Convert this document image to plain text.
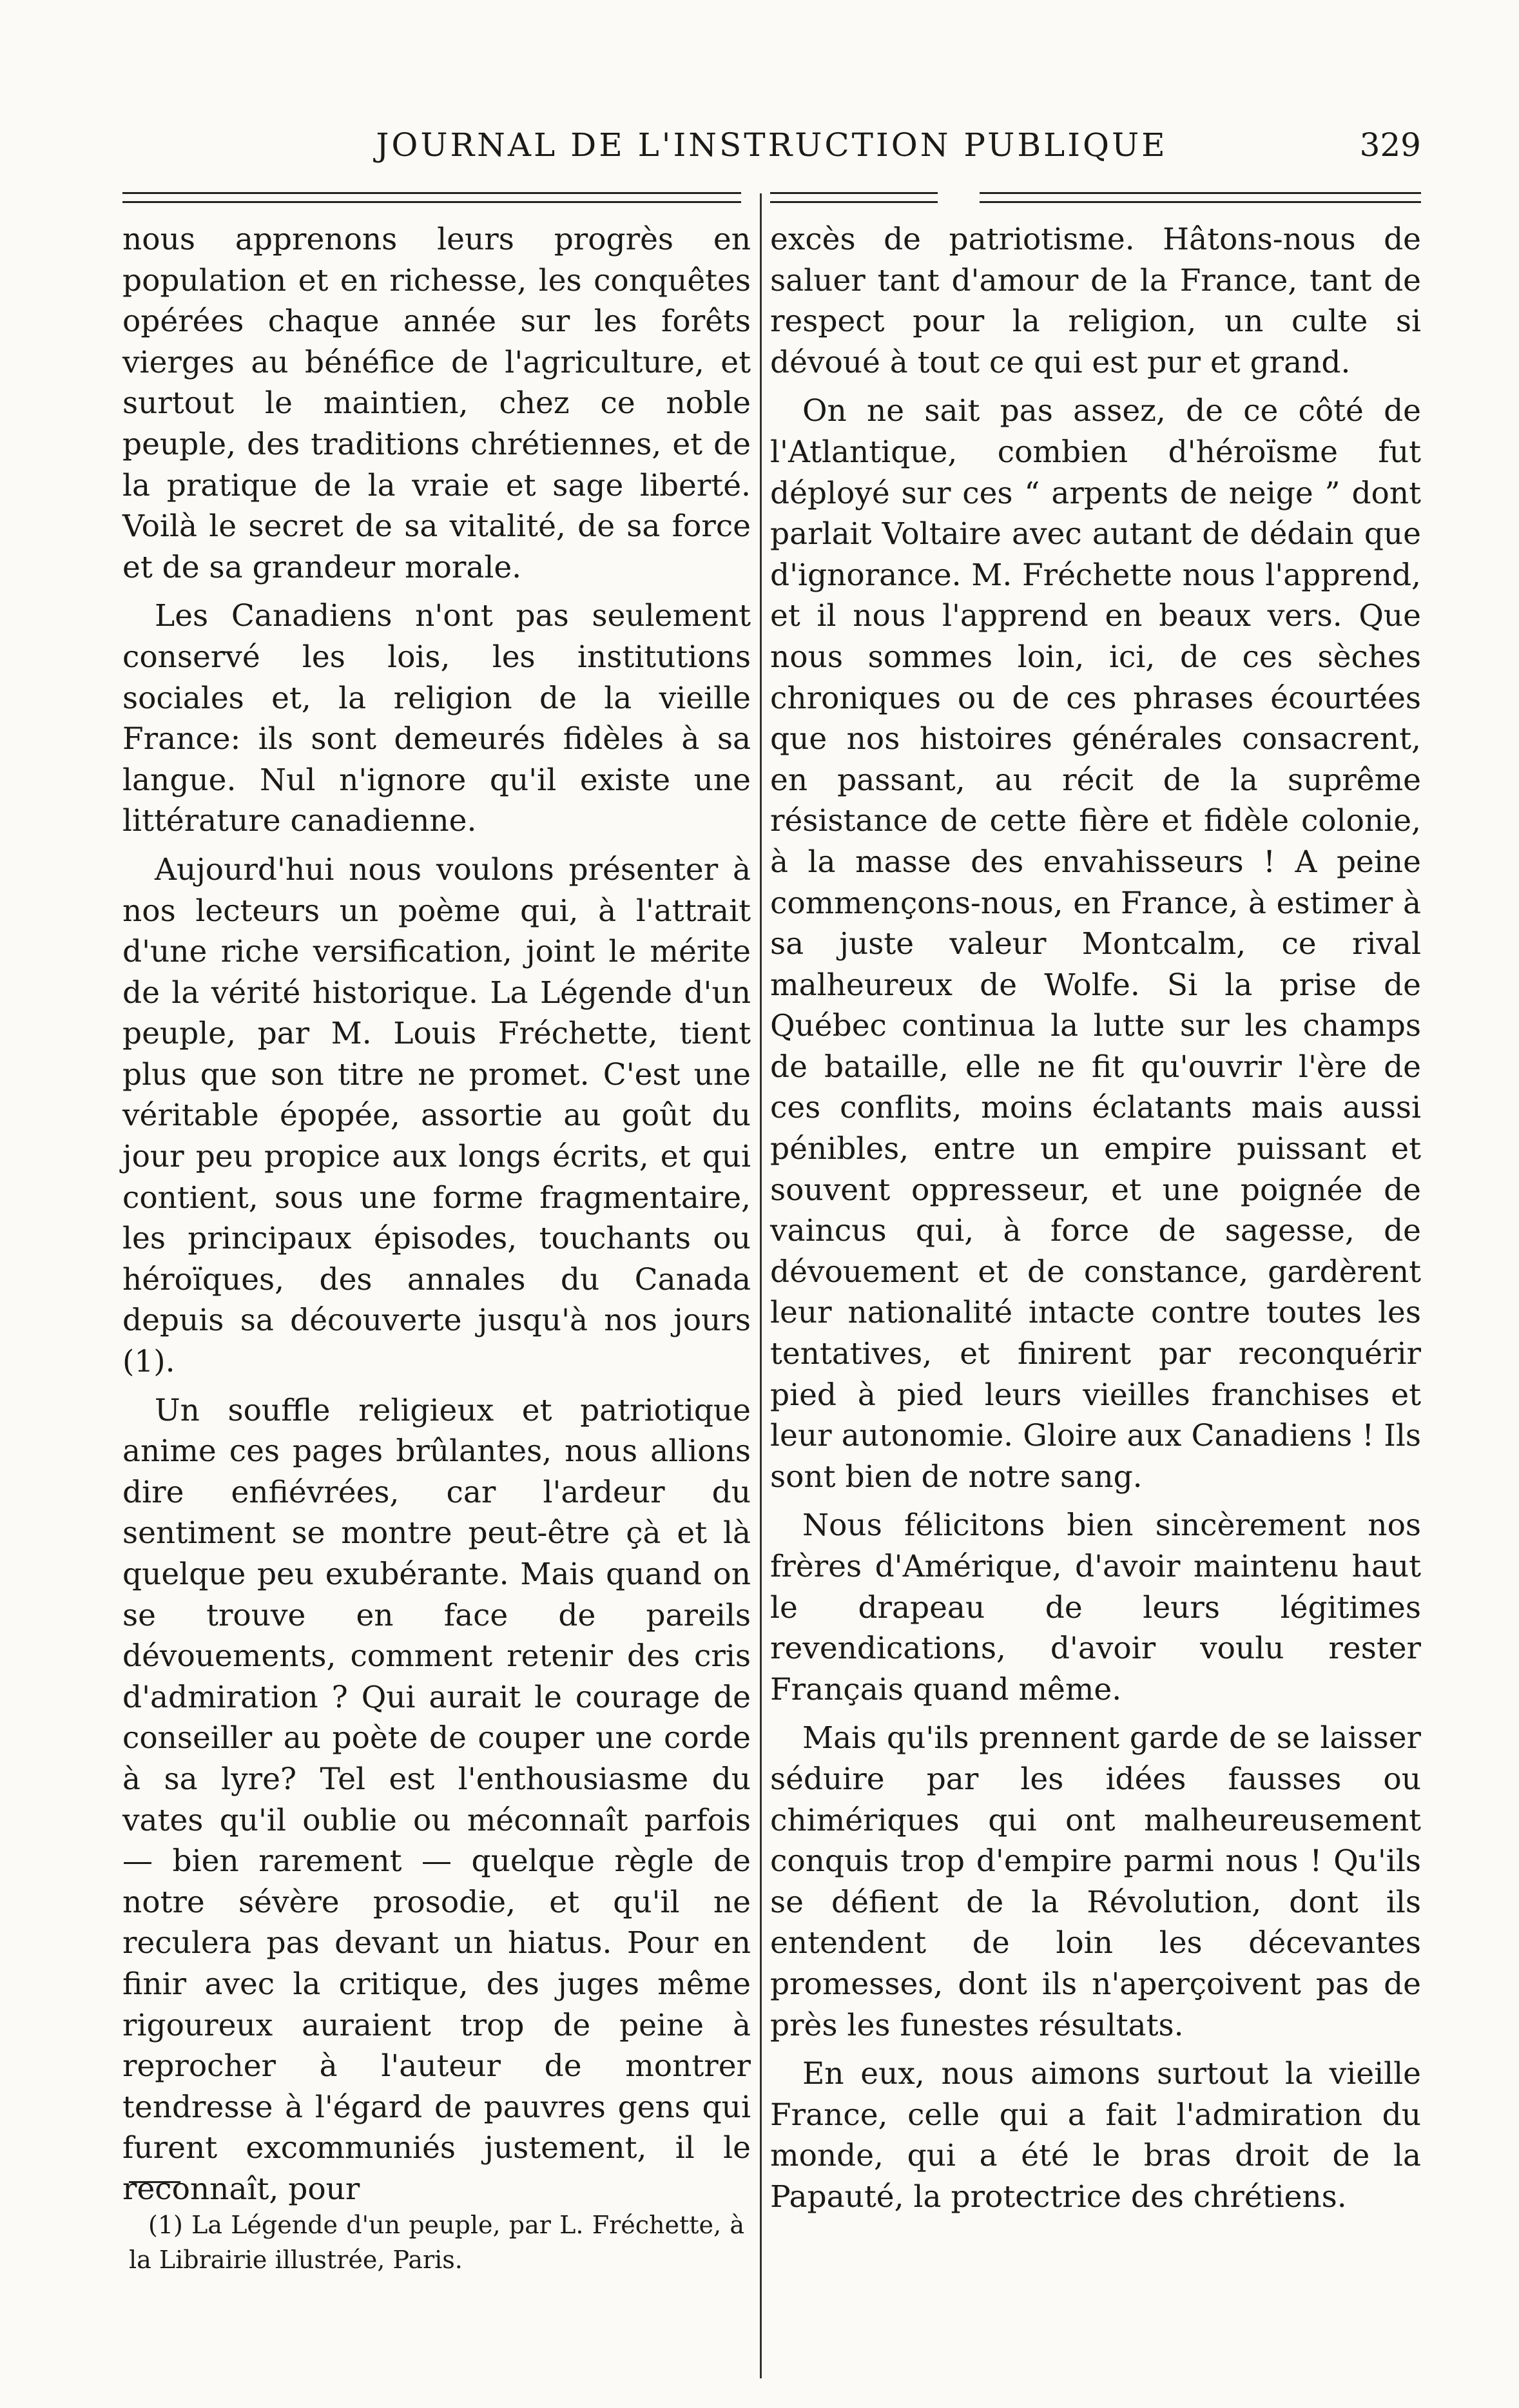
JOURNAL DE L'INSTRUCTION PUBLIQUE	329

nous apprenons leurs progrès en population et en richesse, les conquêtes opérées chaque année sur les forêts vierges au bénéfice de l'agriculture, et surtout le maintien, chez ce noble peuple, des traditions chrétiennes, et de la pratique de la vraie et sage liberté. Voilà le secret de sa vitalité, de sa force et de sa grandeur morale.

Les Canadiens n'ont pas seulement conservé les lois, les institutions sociales et, la religion de la vieille France: ils sont demeurés fidèles à sa langue. Nul n'ignore qu'il existe une littérature canadienne.

Aujourd'hui nous voulons présenter à nos lecteurs un poème qui, à l'attrait d'une riche versification, joint le mérite de la vérité historique. La Légende d'un peuple, par M. Louis Fréchette, tient plus que son titre ne promet. C'est une véritable épopée, assortie au goût du jour peu propice aux longs écrits, et qui contient, sous une forme fragmentaire, les principaux épisodes, touchants ou héroïques, des annales du Canada depuis sa découverte jusqu'à nos jours (1).

Un souffle religieux et patriotique anime ces pages brûlantes, nous allions dire enfiévrées, car l'ardeur du sentiment se montre peut-être çà et là quelque peu exubérante. Mais quand on se trouve en face de pareils dévouements, comment retenir des cris d'admiration ? Qui aurait le courage de conseiller au poète de couper une corde à sa lyre? Tel est l'enthousiasme du vates qu'il oublie ou méconnaît parfois — bien rarement — quelque règle de notre sévère prosodie, et qu'il ne reculera pas devant un hiatus. Pour en finir avec la critique, des juges même rigoureux auraient trop de peine à reprocher à l'auteur de montrer tendresse à l'égard de pauvres gens qui furent excommuniés justement, il le reconnaît, pour

excès de patriotisme. Hâtons-nous de saluer tant d'amour de la France, tant de respect pour la religion, un culte si dévoué à tout ce qui est pur et grand.

On ne sait pas assez, de ce côté de l'Atlantique, combien d'héroïsme fut déployé sur ces “ arpents de neige ” dont parlait Voltaire avec autant de dédain que d'ignorance. M. Fréchette nous l'apprend, et il nous l'apprend en beaux vers. Que nous sommes loin, ici, de ces sèches chroniques ou de ces phrases écourtées que nos histoires générales consacrent, en passant, au récit de la suprême résistance de cette fière et fidèle colonie, à la masse des envahisseurs ! A peine commençons-nous, en France, à estimer à sa juste valeur Montcalm, ce rival malheureux de Wolfe. Si la prise de Québec continua la lutte sur les champs de bataille, elle ne fit qu'ouvrir l'ère de ces conflits, moins éclatants mais aussi pénibles, entre un empire puissant et souvent oppresseur, et une poignée de vaincus qui, à force de sagesse, de dévouement et de constance, gardèrent leur nationalité intacte contre toutes les tentatives, et finirent par reconquérir pied à pied leurs vieilles franchises et leur autonomie. Gloire aux Canadiens ! Ils sont bien de notre sang.

Nous félicitons bien sincèrement nos frères d'Amérique, d'avoir maintenu haut le drapeau de leurs légitimes revendications, d'avoir voulu rester Français quand même.

Mais qu'ils prennent garde de se laisser séduire par les idées fausses ou chimériques qui ont malheureusement conquis trop d'empire parmi nous ! Qu'ils se défient de la Révolution, dont ils entendent de loin les décevantes promesses, dont ils n'aperçoivent pas de près les funestes résultats.

En eux, nous aimons surtout la vieille France, celle qui a fait l'admiration du monde, qui a été le bras droit de la Papauté, la protectrice des chrétiens.

(1) La Légende d'un peuple, par L. Fréchette, à la Librairie illustrée, Paris.
